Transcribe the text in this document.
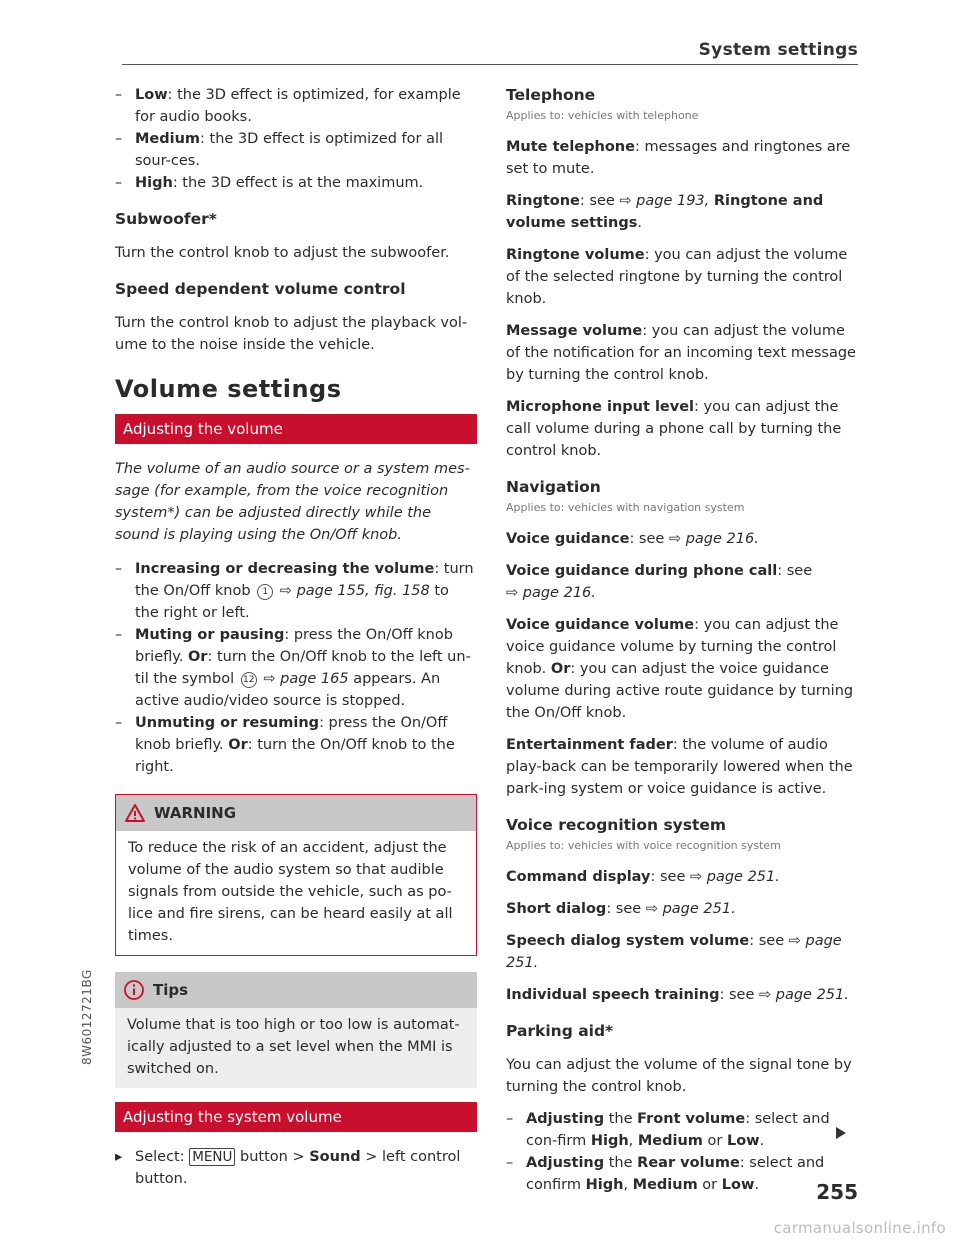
System settings
– Low: the 3D effect is optimized, for example for audio books.
– Medium: the 3D effect is optimized for all sour-ces.
– High: the 3D effect is at the maximum.
Subwoofer*

Turn the control knob to adjust the subwoofer.

Speed dependent volume control

Turn the control knob to adjust the playback vol-ume to the noise inside the vehicle.

Volume settings
Adjusting the volume

The volume of an audio source or a system mes-sage (for example, from the voice recognition system*) can be adjusted directly while the sound is playing using the On/Off knob.

– Increasing or decreasing the volume: turn the On/Off knob 1 ⇨ page 155, fig. 158 to the right or left.
– Muting or pausing: press the On/Off knob briefly. Or: turn the On/Off knob to the left un-til the symbol 12 ⇨ page 165 appears. An active audio/video source is stopped.
– Unmuting or resuming: press the On/Off knob briefly. Or: turn the On/Off knob to the right.
WARNING
To reduce the risk of an accident, adjust the volume of the audio system so that audible signals from outside the vehicle, such as po-lice and fire sirens, can be heard easily at all times.
Tips
Volume that is too high or too low is automat-ically adjusted to a set level when the MMI is switched on.
Adjusting the system volume
▸ Select: MENU button > Sound > left control button.
Telephone
Applies to: vehicles with telephone

Mute telephone: messages and ringtones are set to mute.

Ringtone: see ⇨ page 193, Ringtone and volume settings.

Ringtone volume: you can adjust the volume of the selected ringtone by turning the control knob.

Message volume: you can adjust the volume of the notification for an incoming text message by turning the control knob.

Microphone input level: you can adjust the call volume during a phone call by turning the control knob.

Navigation
Applies to: vehicles with navigation system

Voice guidance: see ⇨ page 216.

Voice guidance during phone call: see
⇨ page 216.

Voice guidance volume: you can adjust the voice guidance volume by turning the control knob. Or: you can adjust the voice guidance volume during active route guidance by turning the On/Off knob.

Entertainment fader: the volume of audio play-back can be temporarily lowered when the park-ing system or voice guidance is active.

Voice recognition system
Applies to: vehicles with voice recognition system

Command display: see ⇨ page 251.

Short dialog: see ⇨ page 251.

Speech dialog system volume: see ⇨ page 251.

Individual speech training: see ⇨ page 251.

Parking aid*

You can adjust the volume of the signal tone by turning the control knob.

– Adjusting the Front volume: select and con-firm High, Medium or Low.
– Adjusting the Rear volume: select and confirm High, Medium or Low.
8W6012721BG
255
carmanualsonline.info
